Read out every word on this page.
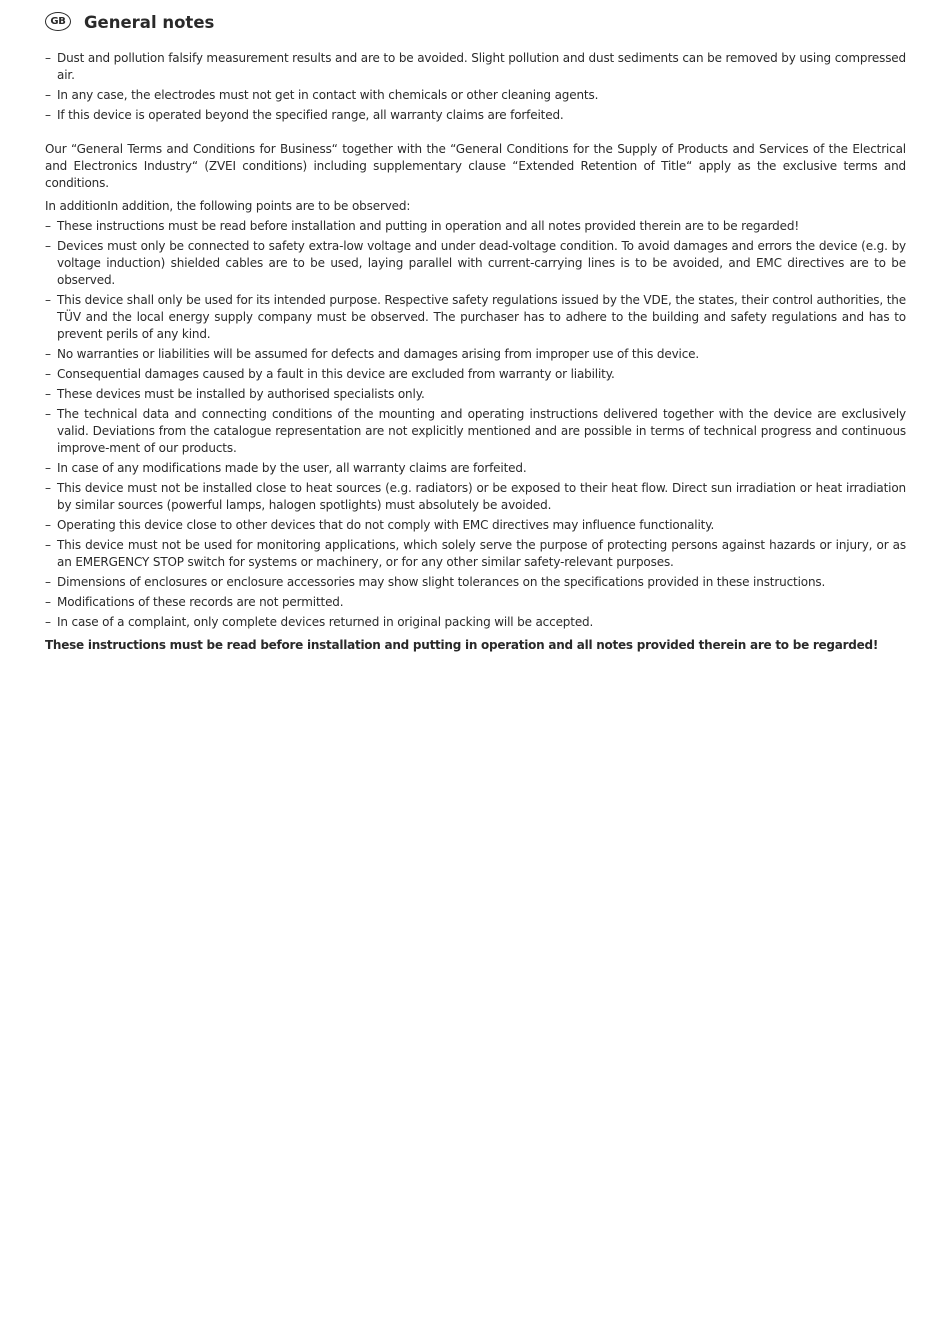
GB	General notes
– Dust and pollution falsify measurement results and are to be avoided. Slight pollution and dust sediments can be removed by using compressed air.
– In any case, the electrodes must not get in contact with chemicals or other cleaning agents.
– If this device is operated beyond the specified range, all warranty claims are forfeited.

Our “General Terms and Conditions for Business“ together with the “General Conditions for the Supply of Products and Services of the Electrical and Electronics Industry“ (ZVEI conditions) including supplementary clause “Extended Retention of Title“ apply as the exclusive terms and conditions.

In additionIn addition, the following points are to be observed:

– These instructions must be read before installation and putting in operation and all notes provided therein are to be regarded!
– Devices must only be connected to safety extra-low voltage and under dead-voltage condition. To avoid damages and errors the device (e.g. by voltage induction) shielded cables are to be used, laying parallel with current-carrying lines is to be avoided, and EMC directives are to be observed.
– This device shall only be used for its intended purpose. Respective safety regulations issued by the VDE, the states, their control authorities, the TÜV and the local energy supply company must be observed. The purchaser has to adhere to the building and safety regulations and has to prevent perils of any kind.
– No warranties or liabilities will be assumed for defects and damages arising from improper use of this device.
– Consequential damages caused by a fault in this device are excluded from warranty or liability.
– These devices must be installed by authorised specialists only.
– The technical data and connecting conditions of the mounting and operating instructions delivered together with the device are exclusively valid. Deviations from the catalogue representation are not explicitly mentioned and are possible in terms of technical progress and continuous improve-ment of our products.
– In case of any modifications made by the user, all warranty claims are forfeited.
– This device must not be installed close to heat sources (e.g. radiators) or be exposed to their heat flow. Direct sun irradiation or heat irradiation by similar sources (powerful lamps, halogen spotlights) must absolutely be avoided.
– Operating this device close to other devices that do not comply with EMC directives may influence functionality.
– This device must not be used for monitoring applications, which solely serve the purpose of protecting persons against hazards or injury, or as an EMERGENCY STOP switch for systems or machinery, or for any other similar safety-relevant purposes.
– Dimensions of enclosures or enclosure accessories may show slight tolerances on the specifications provided in these instructions.
– Modifications of these records are not permitted.
– In case of a complaint, only complete devices returned in original packing will be accepted.

These instructions must be read before installation and putting in operation and all notes provided therein are to be regarded!
